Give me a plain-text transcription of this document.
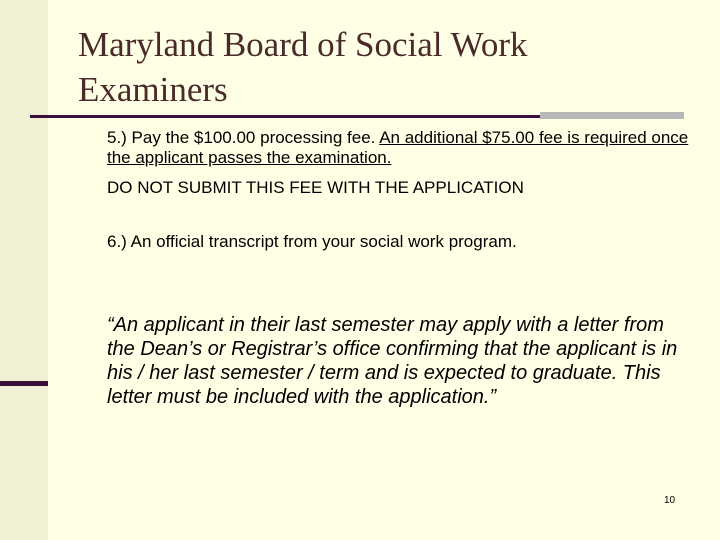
Maryland Board of Social Work Examiners
5.) Pay the $100.00 processing fee. An additional $75.00 fee is required once the applicant passes the examination.
DO NOT SUBMIT THIS FEE WITH THE APPLICATION
6.) An official transcript from your social work program.
“An applicant in their last semester may apply with a letter from the Dean’s or Registrar’s office confirming that the applicant is in his / her last semester / term and is expected to graduate. This letter must be included with the application.”
10
